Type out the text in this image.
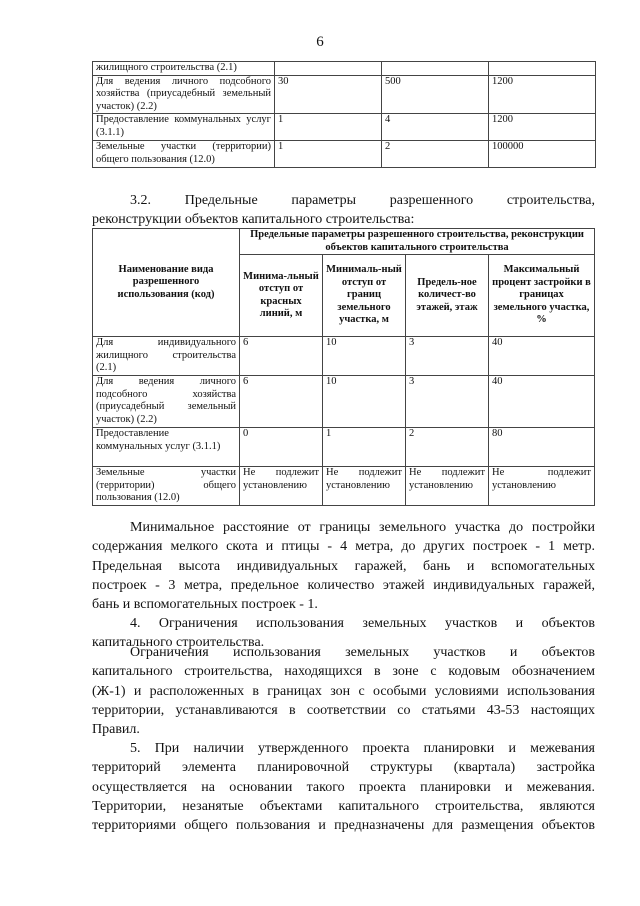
6
жилищного строительства (2.1)			
Для ведения личного подсобного хозяйства (приусадебный земельный участок) (2.2)	30	500	1200
Предоставление коммунальных услуг (3.1.1)	1	4	1200
Земельные участки (территории) общего пользования (12.0)	1	2	100000
3.2. Предельные параметры разрешенного строительства,
реконструкции объектов капитального строительства:
Наименование вида разрешенного использования (код)	Предельные параметры разрешенного строительства, реконструкции объектов капитального строительства			
	Минима-льный отступ от красных линий, м	Минималь-ный отступ от границ земельного участка, м	Предель-ное количест-во этажей, этаж	Максимальный процент застройки в границах земельного участка, %
Для индивидуального жилищного строительства (2.1)	6	10	3	40
Для ведения личного подсобного хозяйства (приусадебный земельный участок) (2.2)	6	10	3	40
Предоставление коммунальных услуг (3.1.1)	0	1	2	80
Земельные участки (территории) общего пользования (12.0)	Не подлежит установлению	Не подлежит установлению	Не подлежит установлению	Не подлежит установлению
Минимальное расстояние от границы земельного участка до постройки
содержания мелкого скота и птицы - 4 метра, до других построек - 1 метр.
Предельная высота индивидуальных гаражей, бань и вспомогательных
построек - 3 метра, предельное количество этажей индивидуальных гаражей,
бань и вспомогательных построек - 1.
4. Ограничения использования земельных участков и объектов
капитального строительства.
Ограничения использования земельных участков и объектов
капитального строительства, находящихся в зоне с кодовым обозначением
(Ж-1) и расположенных в границах зон с особыми условиями использования
территории, устанавливаются в соответствии со статьями 43-53 настоящих
Правил.
5. При наличии утвержденного проекта планировки и межевания
территорий элемента планировочной структуры (квартала) застройка
осуществляется на основании такого проекта планировки и межевания.
Территории, незанятые объектами капитального строительства, являются
территориями общего пользования и предназначены для размещения объектов
